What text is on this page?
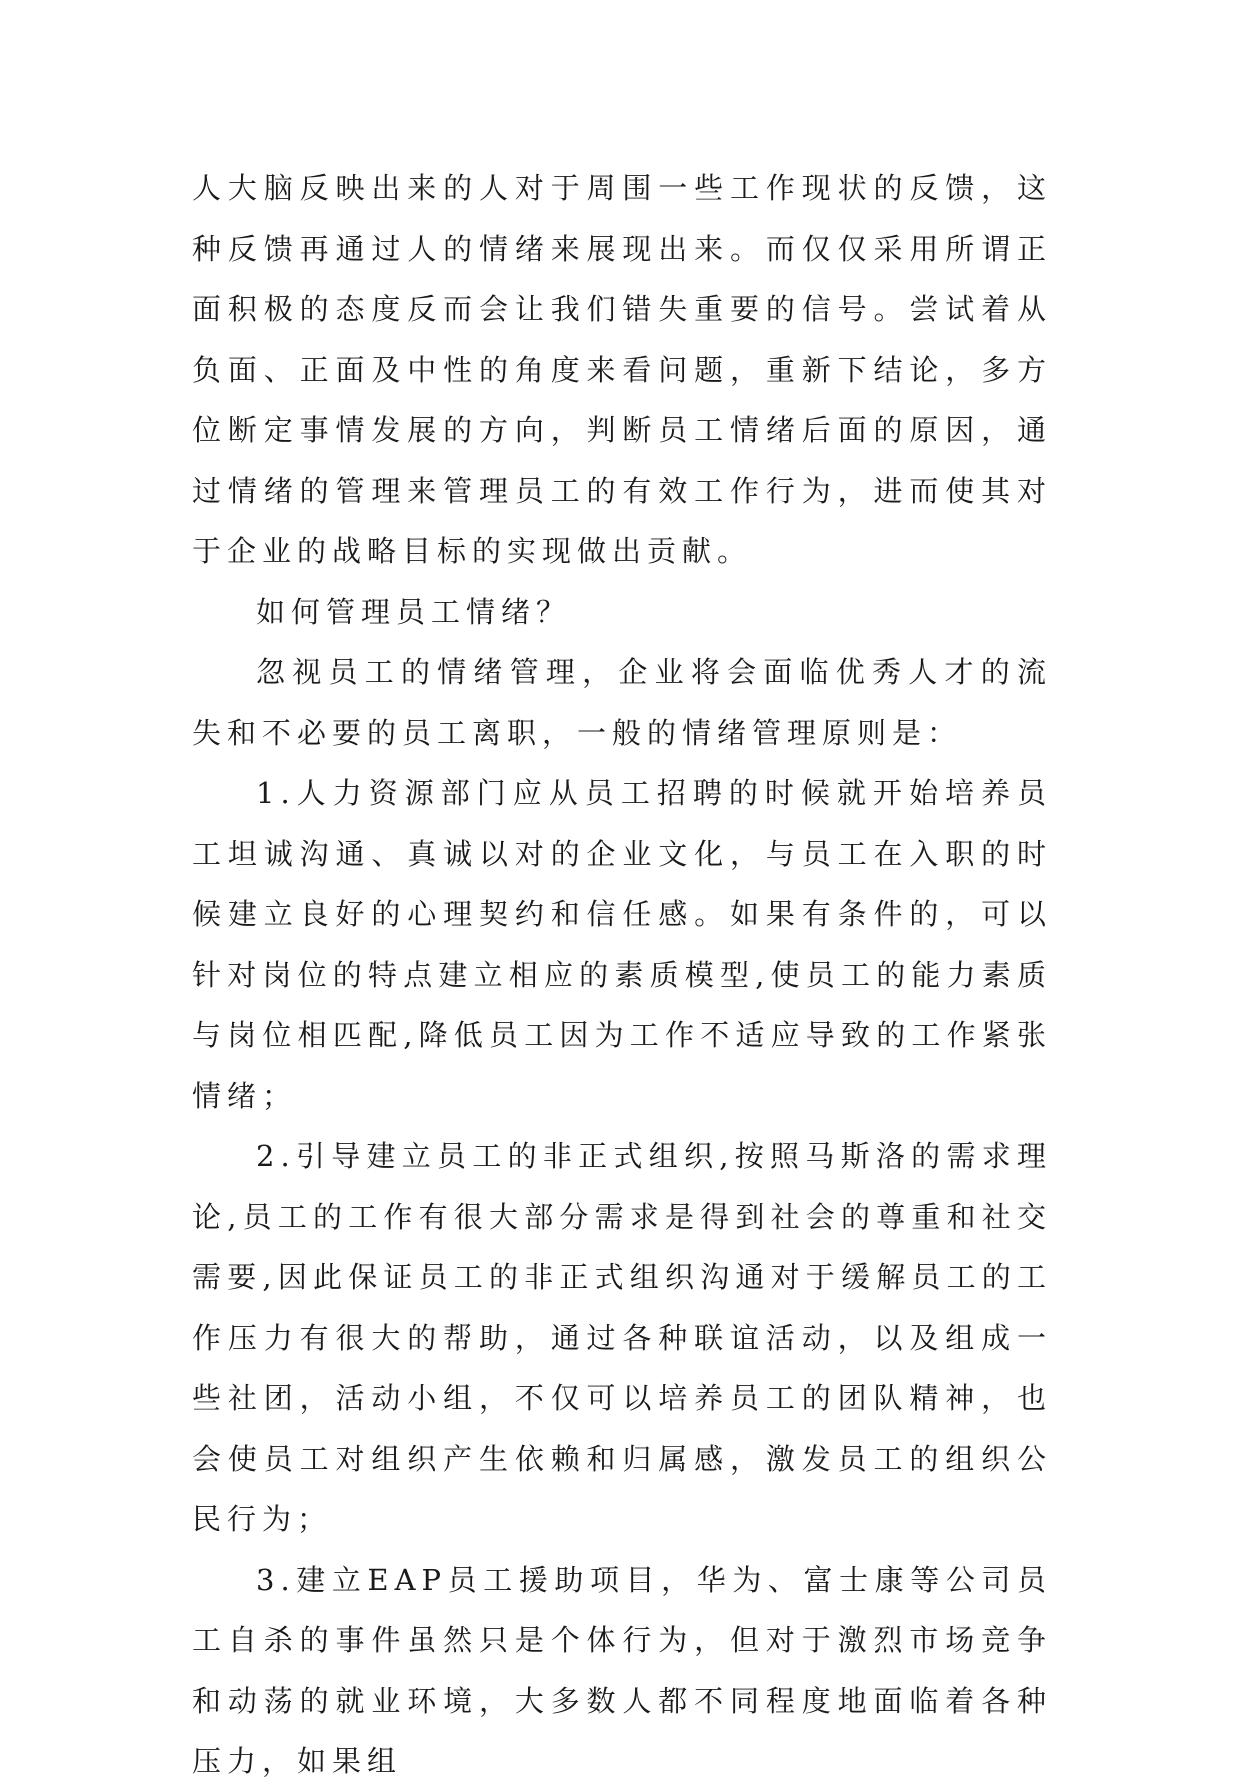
人大脑反映出来的人对于周围一些工作现状的反馈，这种反馈再通过人的情绪来展现出来。而仅仅采用所谓正面积极的态度反而会让我们错失重要的信号。尝试着从负面、正面及中性的角度来看问题，重新下结论，多方位断定事情发展的方向，判断员工情绪后面的原因，通过情绪的管理来管理员工的有效工作行为，进而使其对于企业的战略目标的实现做出贡献。

如何管理员工情绪？

忽视员工的情绪管理，企业将会面临优秀人才的流失和不必要的员工离职，一般的情绪管理原则是：

1.人力资源部门应从员工招聘的时候就开始培养员工坦诚沟通、真诚以对的企业文化，与员工在入职的时候建立良好的心理契约和信任感。如果有条件的，可以针对岗位的特点建立相应的素质模型,使员工的能力素质与岗位相匹配,降低员工因为工作不适应导致的工作紧张情绪；

2.引导建立员工的非正式组织,按照马斯洛的需求理论,员工的工作有很大部分需求是得到社会的尊重和社交需要,因此保证员工的非正式组织沟通对于缓解员工的工作压力有很大的帮助，通过各种联谊活动，以及组成一些社团，活动小组，不仅可以培养员工的团队精神，也会使员工对组织产生依赖和归属感，激发员工的组织公民行为；

3.建立EAP员工援助项目，华为、富士康等公司员工自杀的事件虽然只是个体行为，但对于激烈市场竞争和动荡的就业环境，大多数人都不同程度地面临着各种压力，如果组
